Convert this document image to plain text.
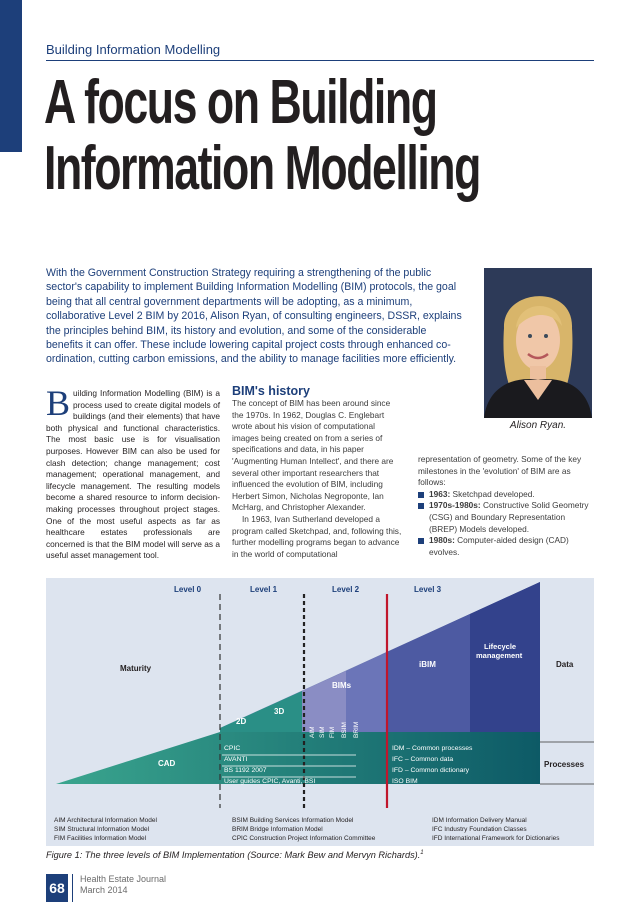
Building Information Modelling
A focus on Building
Information Modelling

With the Government Construction Strategy requiring a strengthening of the public sector's capability to implement Building Information Modelling (BIM) protocols, the goal being that all central government departments will be adopting, as a minimum, collaborative Level 2 BIM by 2016, Alison Ryan, of consulting engineers, DSSR, explains the principles behind BIM, its history and evolution, and some of the considerable benefits it can offer. These include lowering capital project costs through enhanced co-ordination, cutting carbon emissions, and the ability to manage facilities more efficiently.

Alison Ryan.

Building Information Modelling (BIM) is a process used to create digital models of buildings (and their elements) that have both physical and functional characteristics. The most basic use is for visualisation purposes. However BIM can also be used for clash detection; change management; cost management; operational management, and lifecycle management. The resulting models become a shared resource to inform decision-making processes throughout project stages. One of the most useful aspects as far as healthcare estates professionals are concerned is that the BIM model will serve as a useful asset management tool.

BIM's history

The concept of BIM has been around since the 1970s. In 1962, Douglas C. Englebart wrote about his vision of computational images being created on from a series of specifications and data, in his paper 'Augmenting Human Intellect', and there are several other important researchers that influenced the evolution of BIM, including Herbert Simon, Nicholas Negroponte, Ian McHarg, and Christopher Alexander.

In 1963, Ivan Sutherland developed a program called Sketchpad, and, following this, further modelling programs began to advance in the world of computational

representation of geometry. Some of the key milestones in the 'evolution' of BIM are as follows:
1963: Sketchpad developed.
1970s-1980s: Constructive Solid Geometry (CSG) and Boundary Representation (BREP) Models developed.
1980s: Computer-aided design (CAD) evolves.
Level 0	Level 1	Level 2	Level 3
Maturity	Data
Processes
CAD
2D
3D
BIMs
iBIM
Lifecycle
management
AIM SIM FIM BSIM BRIM
CPIC
AVANTI
BS 1192 2007
User guides CPIC, Avanti, BSI
IDM – Common processes
IFC – Common data
IFD – Common dictionary
ISO BIM
AIM Architectural Information Model
SIM Structural Information Model
FIM Facilities Information Model
BSIM Building Services Information Model
BRIM Bridge Information Model
CPIC Construction Project Information Committee
IDM Information Delivery Manual
IFC Industry Foundation Classes
IFD International Framework for Dictionaries
Figure 1: The three levels of BIM Implementation (Source: Mark Bew and Mervyn Richards).$^1$
68
Health Estate Journal
March 2014
